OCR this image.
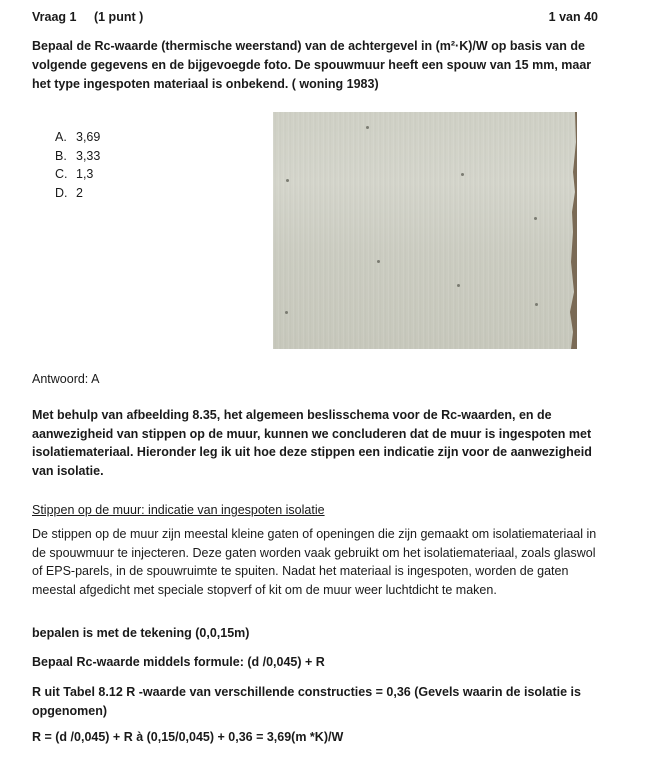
Vraag 1 (1 punt )	1 van 40
Bepaal de Rc-waarde (thermische weerstand) van de achtergevel in (m²·K)/W op basis van de volgende gegevens en de bijgevoegde foto. De spouwmuur heeft een spouw van 15 mm, maar het type ingespoten materiaal is onbekend. ( woning 1983)
A. 3,69
B. 3,33
C. 1,3
D. 2
Antwoord: A
Met behulp van afbeelding 8.35, het algemeen beslisschema voor de Rc-waarden, en de aanwezigheid van stippen op de muur, kunnen we concluderen dat de muur is ingespoten met isolatiemateriaal. Hieronder leg ik uit hoe deze stippen een indicatie zijn voor de aanwezigheid van isolatie.
Stippen op de muur: indicatie van ingespoten isolatie
De stippen op de muur zijn meestal kleine gaten of openingen die zijn gemaakt om isolatiemateriaal in de spouwmuur te injecteren. Deze gaten worden vaak gebruikt om het isolatiemateriaal, zoals glaswol of EPS-parels, in de spouwruimte te spuiten. Nadat het materiaal is ingespoten, worden de gaten meestal afgedicht met speciale stopverf of kit om de muur weer luchtdicht te maken.
bepalen is met de tekening (0,0,15m)
Bepaal Rc-waarde middels formule: (d /0,045) + R
R uit Tabel 8.12 R -waarde van verschillende constructies = 0,36 (Gevels waarin de isolatie is opgenomen)
R = (d /0,045) + R à (0,15/0,045) + 0,36 = 3,69(m *K)/W
